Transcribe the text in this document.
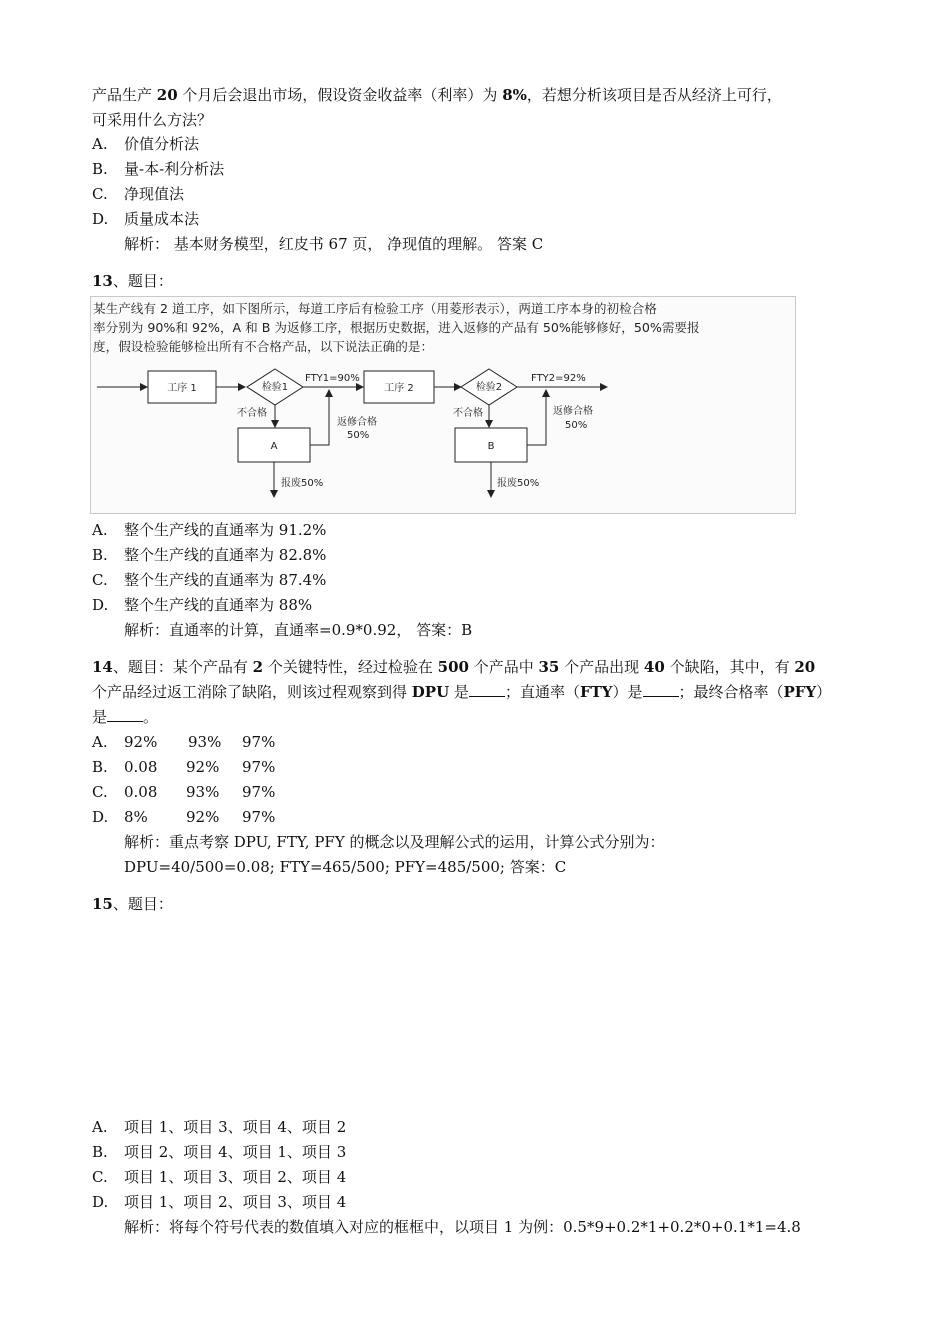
产品生产 20 个月后会退出市场，假设资金收益率（利率）为 8%，若想分析该项目是否从经济上可行，
可采用什么方法？
A. 价值分析法
B. 量-本-利分析法
C. 净现值法
D. 质量成本法
解析： 基本财务模型，红皮书 67 页， 净现值的理解。 答案 C
13、题目：
某生产线有 2 道工序，如下图所示，每道工序后有检验工序（用菱形表示），两道工序本身的初检合格
率分别为 90%和 92%，A 和 B 为返修工序，根据历史数据，进入返修的产品有 50%能够修好，50%需要报
度，假设检验能够检出所有不合格产品，以下说法正确的是：
工序 1	检验1
FTY1=90%
工序 2	检验2
FTY2=92%
不合格
A
返修合格
50%
报废50%
不合格
B
返修合格
50%
报废50%
A. 整个生产线的直通率为 91.2%
B. 整个生产线的直通率为 82.8%
C. 整个生产线的直通率为 87.4%
D. 整个生产线的直通率为 88%
解析：直通率的计算，直通率=0.9*0.92， 答案：B
14、题目：某个产品有 2 个关键特性，经过检验在 500 个产品中 35 个产品出现 40 个缺陷，其中，有 20
个产品经过返工消除了缺陷，则该过程观察到得 DPU 是 ；直通率（FTY）是 ；最终合格率（PFY）
是 。
A. 92% 93% 97%
B. 0.08 92% 97%
C. 0.08 93% 97%
D. 8%	92% 97%
解析：重点考察 DPU, FTY, PFY 的概念以及理解公式的运用，计算公式分别为：
DPU=40/500=0.08; FTY=465/500; PFY=485/500; 答案：C
15、题目：
A. 项目 1、项目 3、项目 4、项目 2
B. 项目 2、项目 4、项目 1、项目 3
C. 项目 1、项目 3、项目 2、项目 4
D. 项目 1、项目 2、项目 3、项目 4
解析：将每个符号代表的数值填入对应的框框中，以项目 1 为例：0.5*9+0.2*1+0.2*0+0.1*1=4.8
